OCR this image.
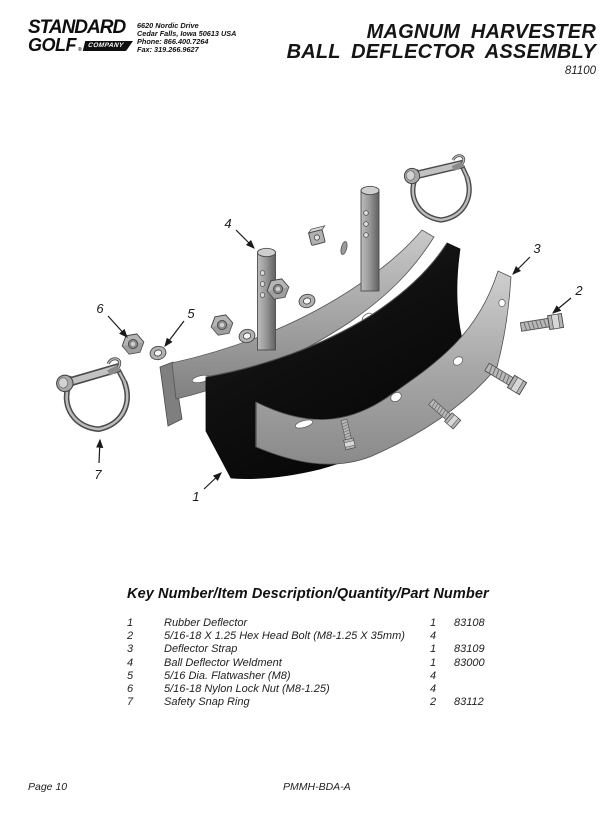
STANDARD
GOLF ®
COMPANY
6620 Nordic Drive
Cedar Falls, Iowa 50613 USA
Phone: 866.400.7264
Fax: 319.266.9627
MAGNUM HARVESTER
BALL DEFLECTOR ASSEMBLY
81100
4
3
2
6	5
7
1
Key Number/Item Description/Quantity/Part Number
1	Rubber Deflector	1	83108
2	5/16-18 X 1.25 Hex Head Bolt (M8-1.25 X 35mm)	4
3	Deflector Strap	1	83109
4	Ball Deflector Weldment	1	83000
5	5/16 Dia. Flatwasher (M8)	4
6	5/16-18 Nylon Lock Nut (M8-1.25)	4
7	Safety Snap Ring	2	83112
Page 10	PMMH-BDA-A
